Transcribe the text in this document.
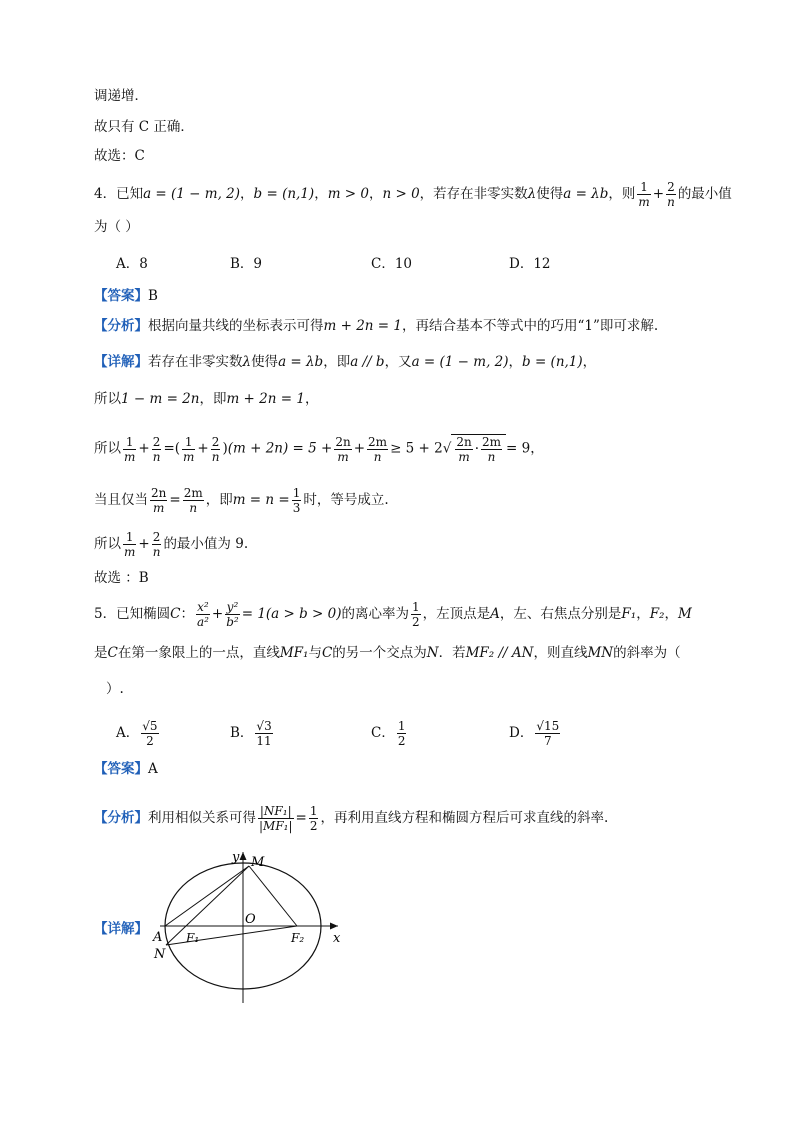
调递增．
故只有 C 正确．
故选：C
4．已知a = (1 − m, 2)，b = (n,1)，m > 0，n > 0，若存在非零实数λ使得a = λb，则 $\frac{1}{m} + \frac{2}{n}$ 的最小值
为（ ）
A．8	B．9	C．10	D．12
【答案】B
【分析】根据向量共线的坐标表示可得m + 2n = 1，再结合基本不等式中的巧用“1”即可求解.
【详解】若存在非零实数λ使得a = λb，即a // b，又a = (1 − m, 2)，b = (n,1)，
所以1 − m = 2n，即m + 2n = 1，
所以 $\frac{1}{m} + \frac{2}{n}$ =( $\frac{1}{m} + \frac{2}{n} )(m + 2n) = 5 + \frac{2n}{m} + \frac{2m}{n} \ge 5 + 2√ \frac{2n}{m} \cdot \frac{2m}{n} = 9$，
当且仅当 $\frac{2n}{m} = \frac{2m}{n}$ ，即$m = n = \frac{1}{3}$ 时，等号成立.
所以 $\frac{1}{m} + \frac{2}{n}$ 的最小值为 9.
故选 ：B
5．已知椭圆C： $\frac{\text{x²}}{\text{a²}} + \frac{\text{y²}}{\text{b²}} = 1(a > b > 0)$的离心率为 $\frac{1}{2}$ ，左顶点是A，左、右焦点分别是F₁，F₂，M
是C在第一象限上的一点，直线MF₁与C的另一个交点为N．若MF₂ // AN，则直线MN的斜率为（
）.
A． $\frac{√5}{2}$	B． $\frac{√3}{11}$	C． $\frac{1}{2}$	D． $\frac{√15}{7}$
【答案】A
【分析】利用相似关系可得 $\frac{\text{|NF₁|}}{\text{|MF₁|}} = \frac{1}{2}$ ，再利用直线方程和椭圆方程后可求直线的斜率.
【详解】
y M
O
x
A F₁	F₂
N
